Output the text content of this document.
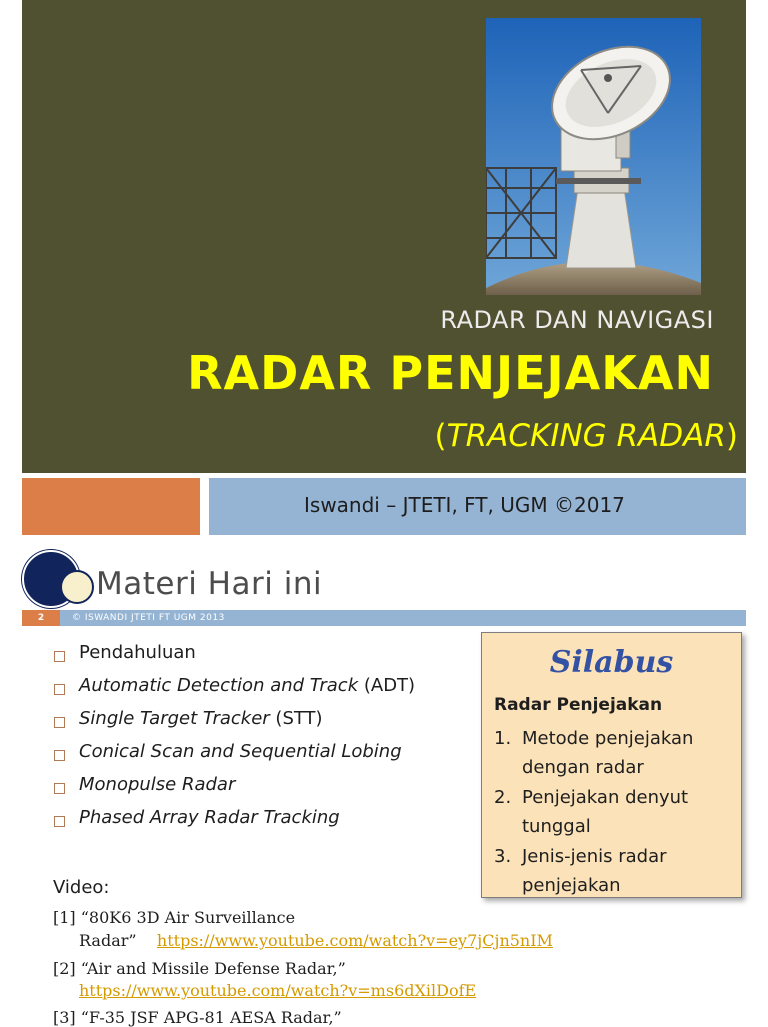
RADAR DAN NAVIGASI
RADAR PENJEJAKAN
(TRACKING RADAR)
Iswandi – JTETI, FT, UGM ©2017
Materi Hari ini
2	© ISWANDI JTETI FT UGM 2013
Pendahuluan
Automatic Detection and Track (ADT)
Single Target Tracker (STT)
Conical Scan and Sequential Lobing
Monopulse Radar
Phased Array Radar Tracking
Video:
[1] “80K6 3D Air Surveillance
Radar” https://www.youtube.com/watch?v=ey7jCjn5nIM
[2] “Air and Missile Defense Radar,”
https://www.youtube.com/watch?v=ms6dXilDofE
[3] “F-35 JSF APG-81 AESA Radar,”
Silabus
Radar Penjejakan
1. Metode penjejakan dengan radar
2. Penjejakan denyut tunggal
3. Jenis-jenis radar penjejakan
